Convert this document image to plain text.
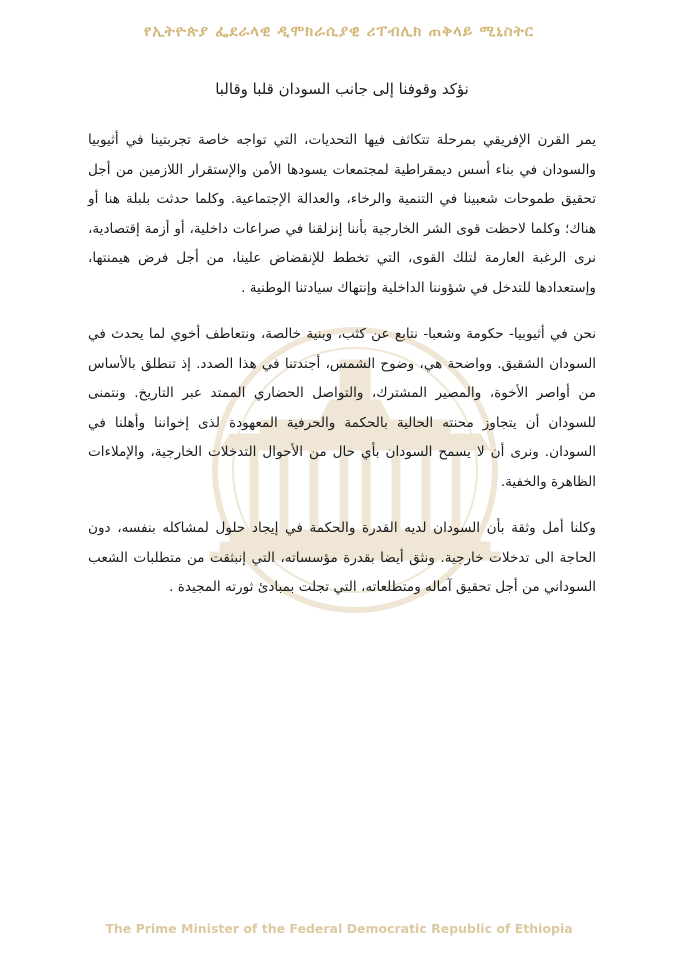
የኢትዮጵያ ፌደራላዊ ዲሞክራሲያዊ ሪፐብሊክ ጠቅላይ ሚኒስትር
نؤكد وقوفنا إلى جانب السودان قلبا وقالبا

يمر القرن الإفريقي بمرحلة تتكاثف فيها التحديات، التي تواجه خاصة تجربتينا في أثيوبيا والسودان في بناء أسس ديمقراطية لمجتمعات يسودها الأمن والإستقرار اللازمين من أجل تحقيق طموحات شعبينا في التنمية والرخاء، والعدالة الإجتماعية. وكلما حدثت بلبلة هنا أو هناك؛ وكلما لاحظت قوى الشر الخارجية بأننا إنزلقنا في صراعات داخلية، أو أزمة إقتصادية، نرى الرغبة العارمة لتلك القوى، التي تخطط للإنقضاض علينا، من أجل فرض هيمنتها، وإستعدادها للتدخل في شؤوننا الداخلية وإنتهاك سيادتنا الوطنية .

نحن في أثيوبيا- حكومة وشعبا- نتابع عن كثب، وبنية خالصة، ونتعاطف أخوي لما يحدث في السودان الشقيق. وواضحة هي، وضوح الشمس، أجندتنا في هذا الصدد. إذ تنطلق بالأساس من أواصر الأخوة، والمصير المشترك، والتواصل الحضاري الممتد عبر التاريخ. ونتمنى للسودان أن يتجاوز محنته الحالية بالحكمة والحرفية المعهودة لذى إخواننا وأهلنا في السودان. ونرى أن لا يسمح السودان بأي حال من الأحوال التدخلات الخارجية، والإملاءات الظاهرة والخفية.

وكلنا أمل وثقة بأن السودان لديه القدرة والحكمة في إيجاد حلول لمشاكله بنفسه، دون الحاجة الى تدخلات خارجية. ونثق أيضا بقدرة مؤسساته، التي إنبثقت من متطلبات الشعب السوداني من أجل تحقيق آماله ومتطلعاته، التي تجلت بمبادئ ثورته المجيدة .

The Prime Minister of the Federal Democratic Republic of Ethiopia
